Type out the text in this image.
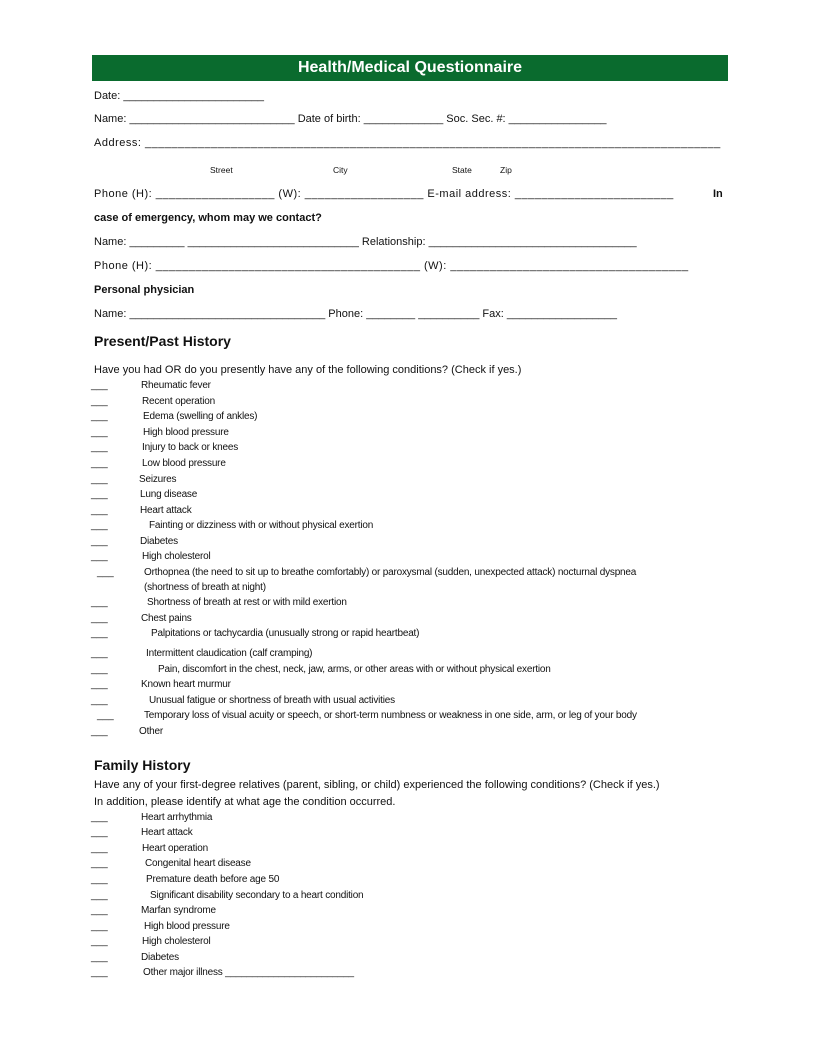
Health/Medical Questionnaire
Date: _______________________
Name: ___________________________ Date of birth: _____________ Soc. Sec. #: ________________
Address: _______________________________________________________________________________________
Street	City	State	Zip
Phone (H): __________________ (W): __________________ E-mail address: ________________________	In
case of emergency, whom may we contact?
Name: _________ ____________________________ Relationship: __________________________________
Phone (H): ________________________________________ (W): ____________________________________
Personal physician
Name: ________________________________ Phone: ________ __________ Fax: __________________
Present/Past History
Have you had OR do you presently have any of the following conditions? (Check if yes.)
___	Rheumatic fever
___	Recent operation
___	Edema (swelling of ankles)
___	High blood pressure
___	Injury to back or knees
___	Low blood pressure
___	Seizures
___	Lung disease
___	Heart attack
___	Fainting or dizziness with or without physical exertion
___	Diabetes
___	High cholesterol
___	Orthopnea (the need to sit up to breathe comfortably) or paroxysmal (sudden, unexpected attack) nocturnal dyspnea
(shortness of breath at night)
___	Shortness of breath at rest or with mild exertion
___	Chest pains
___	Palpitations or tachycardia (unusually strong or rapid heartbeat)
___	Intermittent claudication (calf cramping)
___	Pain, discomfort in the chest, neck, jaw, arms, or other areas with or without physical exertion
___	Known heart murmur
___	Unusual fatigue or shortness of breath with usual activities
___	Temporary loss of visual acuity or speech, or short-term numbness or weakness in one side, arm, or leg of your body
___	Other
Family History
Have any of your first-degree relatives (parent, sibling, or child) experienced the following conditions? (Check if yes.)
In addition, please identify at what age the condition occurred.
___	Heart arrhythmia
___	Heart attack
___	Heart operation
___	Congenital heart disease
___	Premature death before age 50
___	Significant disability secondary to a heart condition
___	Marfan syndrome
___	High blood pressure
___	High cholesterol
___	Diabetes
___	Other major illness ________________________
